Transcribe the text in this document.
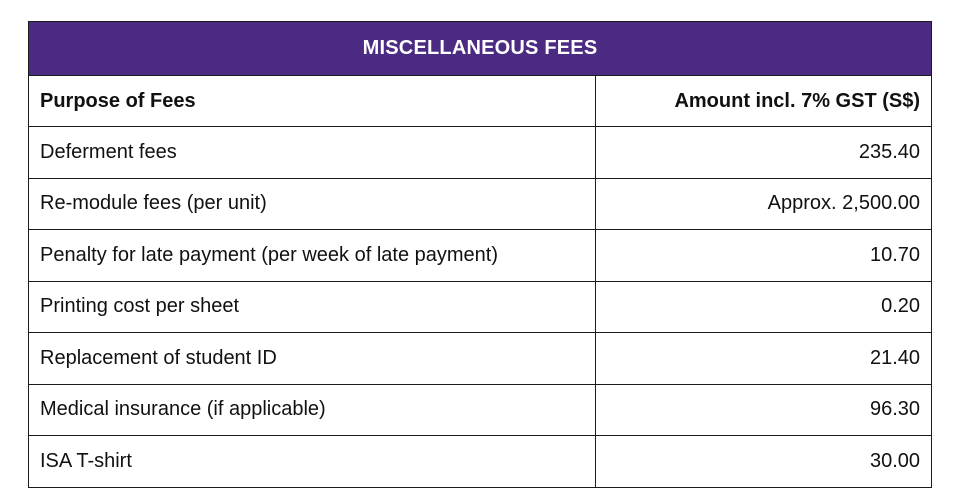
MISCELLANEOUS FEES	
Purpose of Fees	Amount incl. 7% GST (S$)
Deferment fees	235.40
Re-module fees (per unit)	Approx. 2,500.00
Penalty for late payment (per week of late payment)	10.70
Printing cost per sheet	0.20
Replacement of student ID	21.40
Medical insurance (if applicable)	96.30
ISA T-shirt	30.00
